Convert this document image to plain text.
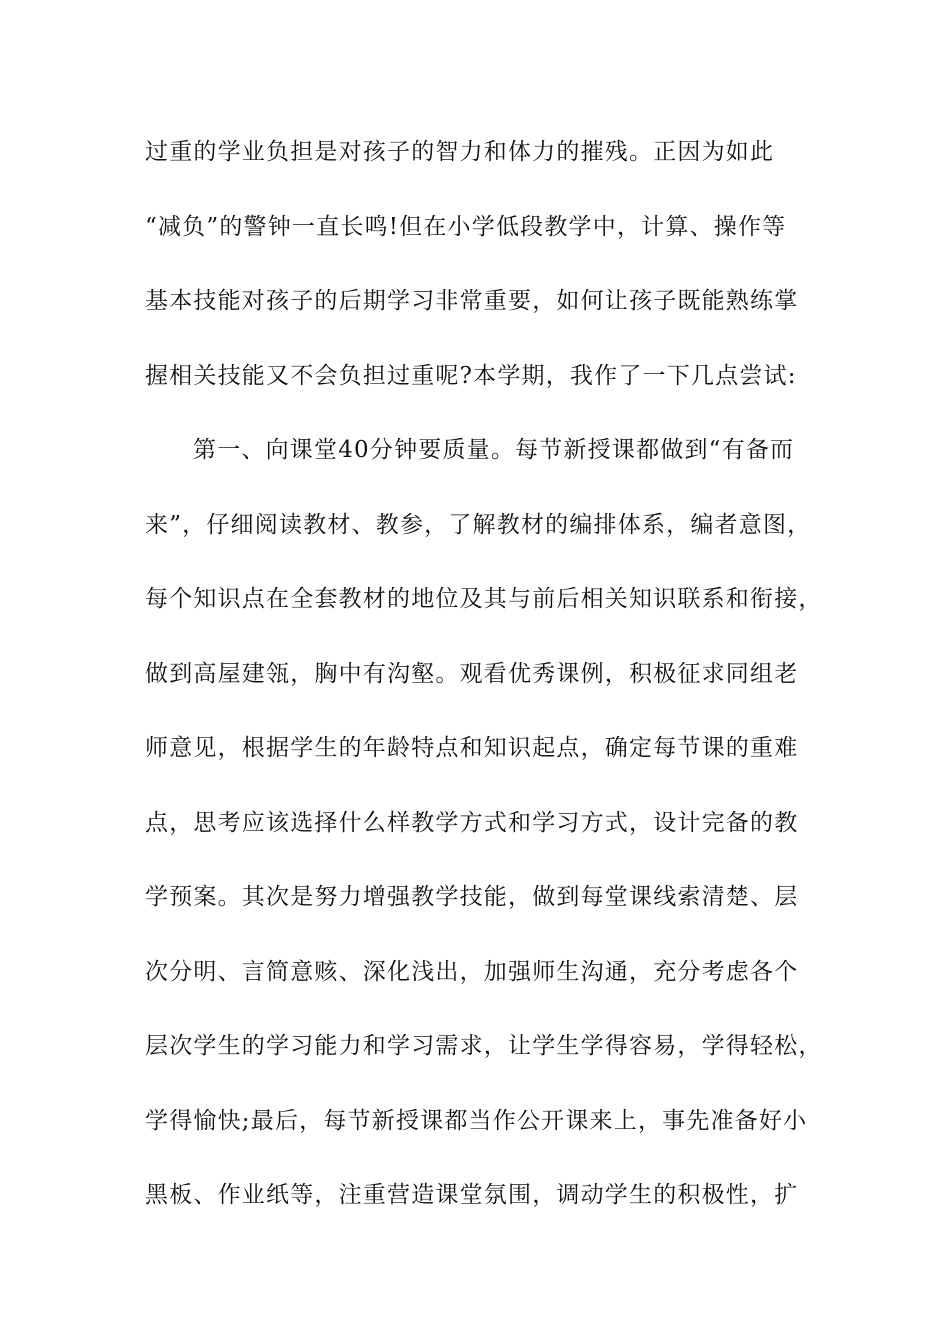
过重的学业负担是对孩子的智力和体力的摧残。正因为如此
“减负”的警钟一直长鸣!但在小学低段教学中，计算、操作等
基本技能对孩子的后期学习非常重要，如何让孩子既能熟练掌
握相关技能又不会负担过重呢?本学期，我作了一下几点尝试:
第一、向课堂40分钟要质量。每节新授课都做到“有备而
来”，仔细阅读教材、教参，了解教材的编排体系，编者意图，
每个知识点在全套教材的地位及其与前后相关知识联系和衔接，
做到高屋建瓴，胸中有沟壑。观看优秀课例，积极征求同组老
师意见，根据学生的年龄特点和知识起点，确定每节课的重难
点，思考应该选择什么样教学方式和学习方式，设计完备的教
学预案。其次是努力增强教学技能，做到每堂课线索清楚、层
次分明、言简意赅、深化浅出，加强师生沟通，充分考虑各个
层次学生的学习能力和学习需求，让学生学得容易，学得轻松，
学得愉快;最后，每节新授课都当作公开课来上，事先准备好小
黑板、作业纸等，注重营造课堂氛围，调动学生的积极性，扩
